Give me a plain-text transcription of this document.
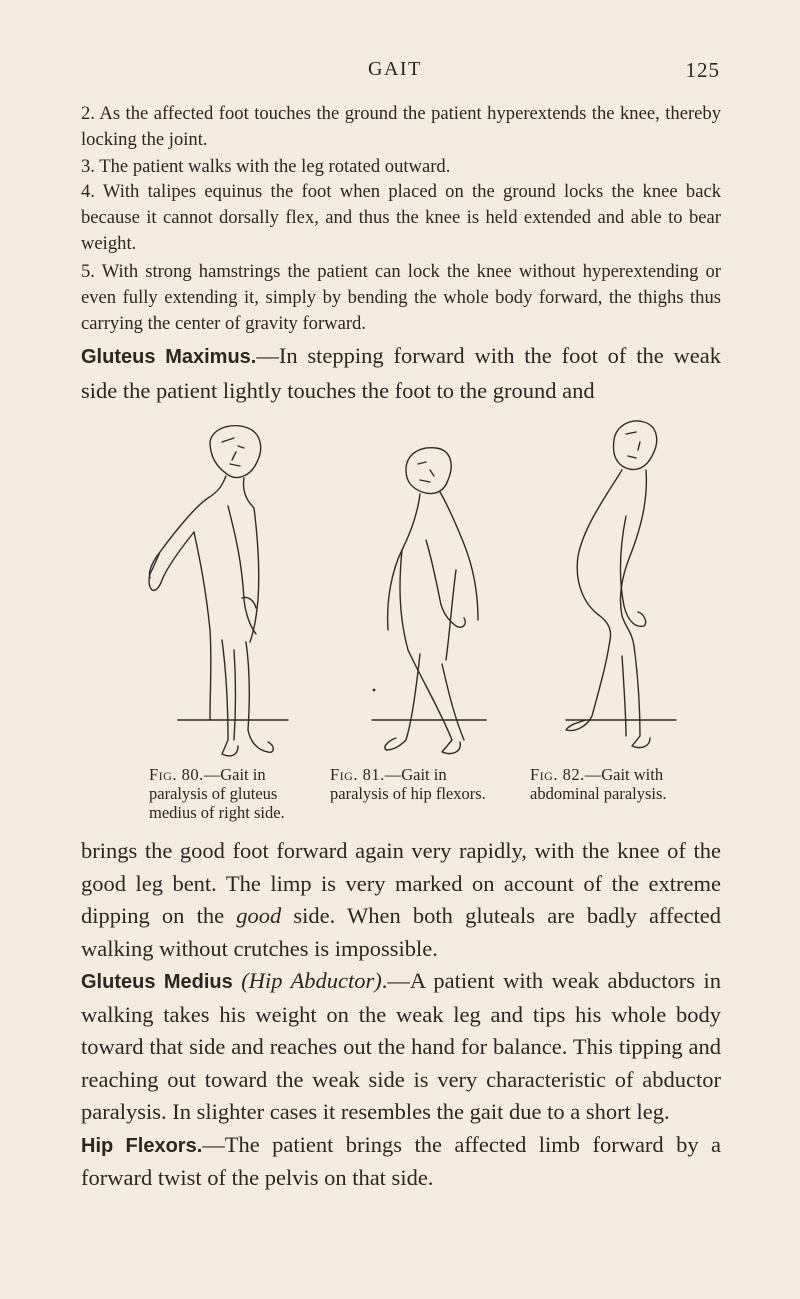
GAIT	125
2. As the affected foot touches the ground the patient hyperextends the knee, thereby locking the joint.
3. The patient walks with the leg rotated outward.
4. With talipes equinus the foot when placed on the ground locks the knee back because it cannot dorsally flex, and thus the knee is held extended and able to bear weight.
5. With strong hamstrings the patient can lock the knee without hyperextending or even fully extending it, simply by bending the whole body forward, the thighs thus carrying the center of gravity forward.
Gluteus Maximus.—In stepping forward with the foot of the weak side the patient lightly touches the foot to the ground and
Fig. 80.—Gait in paralysis of gluteus medius of right side.
Fig. 81.—Gait in paralysis of hip flexors.
Fig. 82.—Gait with abdominal paralysis.

brings the good foot forward again very rapidly, with the knee of the good leg bent. The limp is very marked on account of the extreme dipping on the good side. When both gluteals are badly affected walking without crutches is impossible.

Gluteus Medius (Hip Abductor).—A patient with weak abductors in walking takes his weight on the weak leg and tips his whole body toward that side and reaches out the hand for balance. This tipping and reaching out toward the weak side is very characteristic of abductor paralysis. In slighter cases it resembles the gait due to a short leg.

Hip Flexors.—The patient brings the affected limb forward by a forward twist of the pelvis on that side.
